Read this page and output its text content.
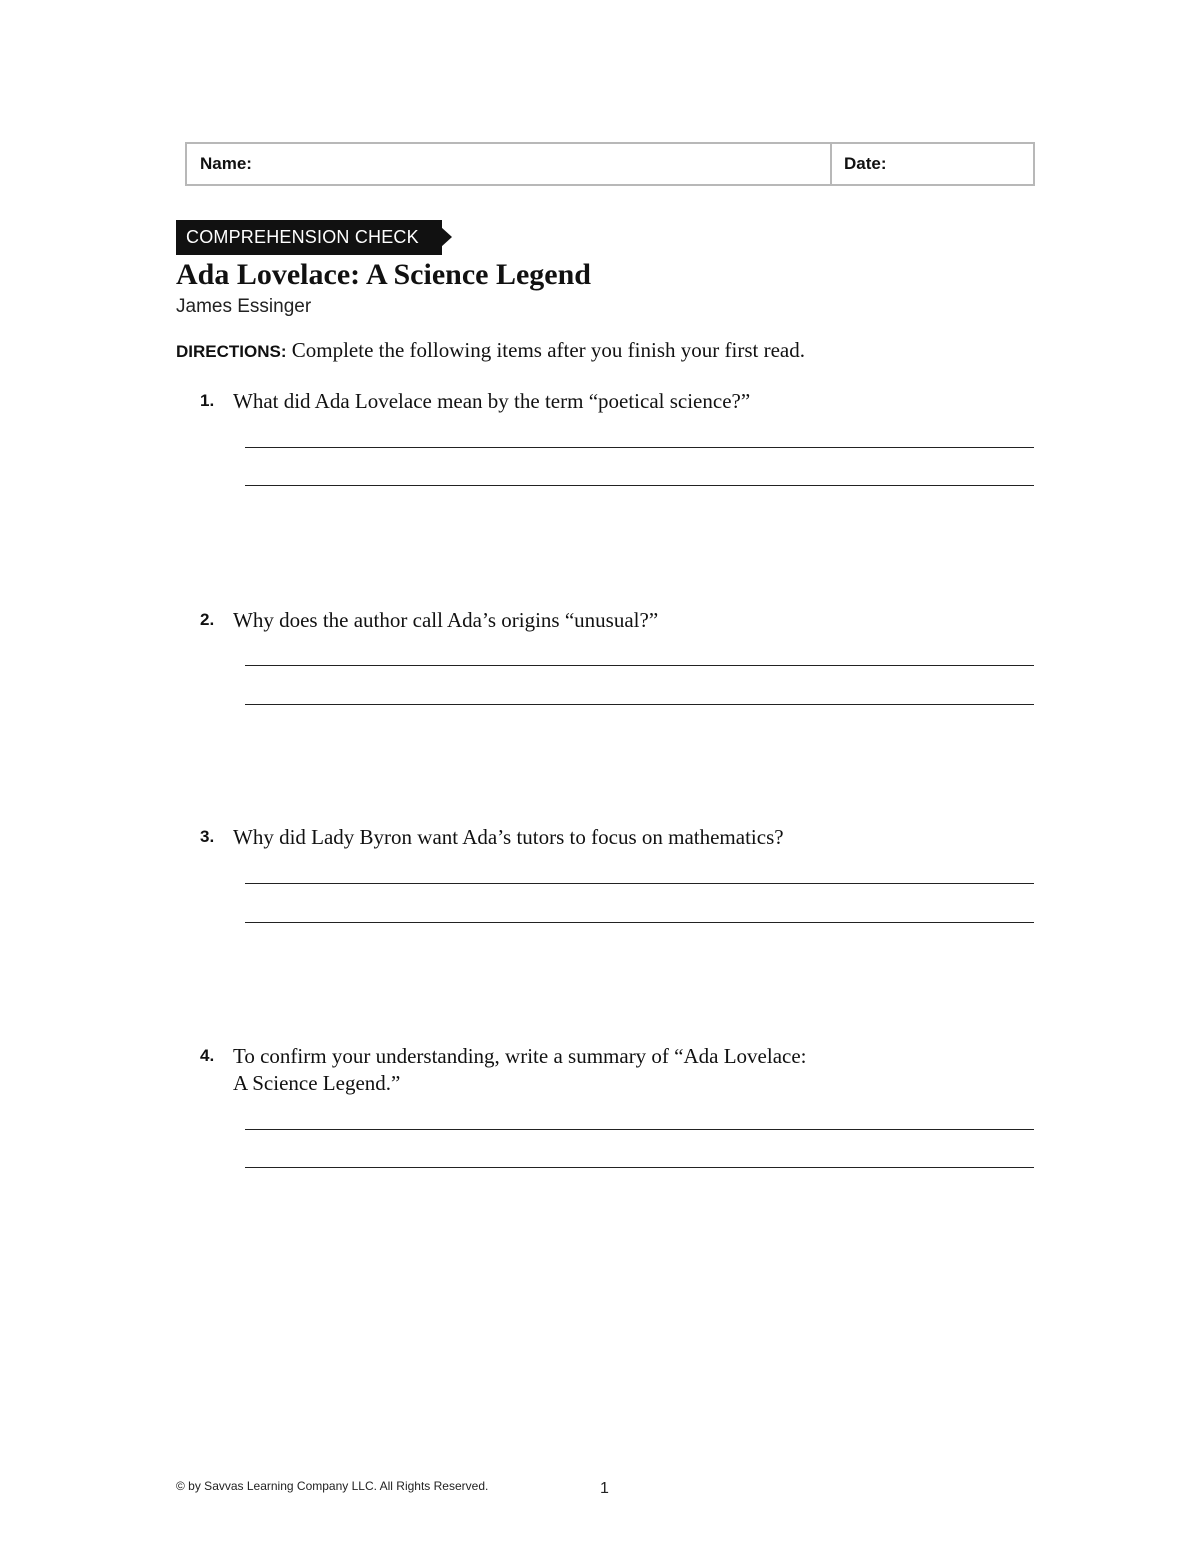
Name:	Date:
COMPREHENSION CHECK
Ada Lovelace: A Science Legend
James Essinger
DIRECTIONS: Complete the following items after you finish your first read.
1. What did Ada Lovelace mean by the term “poetical science?”
2. Why does the author call Ada’s origins “unusual?”
3. Why did Lady Byron want Ada’s tutors to focus on mathematics?
4. To confirm your understanding, write a summary of “Ada Lovelace:
A Science Legend.”
© by Savvas Learning Company LLC. All Rights Reserved.	1
